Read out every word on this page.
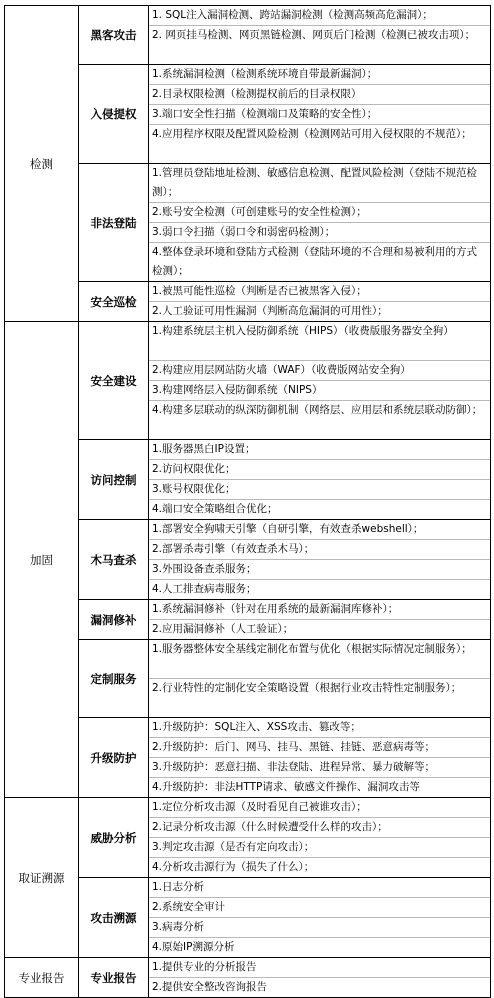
检测	黑客攻击	1. SQL注入漏洞检测、跨站漏洞检测（检测高频高危漏洞）；
2. 网页挂马检测、网页黑链检测、网页后门检测（检测已被攻击项）；

	入侵提权	1.系统漏洞检测（检测系统环境自带最新漏洞）；
2.目录权限检测（检测提权前后的目录权限）
3.端口安全性扫描（检测端口及策略的安全性）；
4.应用程序权限及配置风险检测（检测网站可用入侵权限的不规范）；

	非法登陆	1.管理员登陆地址检测、敏感信息检测、配置风险检测（登陆不规范检测）；
2.账号安全检测（可创建账号的安全性检测）；
3.弱口令扫描（弱口令和弱密码检测）；
4.整体登录环境和登陆方式检测（登陆环境的不合理和易被利用的方式检测）；

	安全巡检	1.被黑可能性巡检（判断是否已被黑客入侵）；
2.人工验证可用性漏洞（判断高危漏洞的可用性）；

加固	安全建设	1.构建系统层主机入侵防御系统（HIPS）（收费版服务器安全狗）
2.构建应用层网站防火墙（WAF）（收费版网站安全狗）
3.构建网络层入侵防御系统（NIPS）
4.构建多层联动的纵深防御机制（网络层、应用层和系统层联动防御）；

	访问控制	1.服务器黑白IP设置；
2.访问权限优化；
3.账号权限优化；
4.端口安全策略组合优化；

	木马查杀	1.部署安全狗啸天引擎（自研引擎，有效查杀webshell）；
2.部署杀毒引擎（有效查杀木马）；
3.外围设备查杀服务；
4.人工排查病毒服务；

	漏洞修补	1.系统漏洞修补（针对在用系统的最新漏洞库修补）；
2.应用漏洞修补（人工验证）；

	定制服务	1.服务器整体安全基线定制化布置与优化（根据实际情况定制服务）；
2.行业特性的定制化安全策略设置（根据行业攻击特性定制服务）；

	升级防护	1.升级防护：SQL注入、XSS攻击、篡改等；
2.升级防护：后门、网马、挂马、黑链、挂链、恶意病毒等；
3.升级防护：恶意扫描、非法登陆、进程异常、暴力破解等；
4.升级防护：非法HTTP请求、敏感文件操作、漏洞攻击等

取证溯源	威胁分析	1.定位分析攻击源（及时看见自己被谁攻击）；
2.记录分析攻击源（什么时候遭受什么样的攻击）；
3.判定攻击源（是否有定向攻击）；
4.分析攻击源行为（损失了什么）；

	攻击溯源	1.日志分析
2.系统安全审计
3.病毒分析
4.原始IP溯源分析

专业报告	专业报告	1.提供专业的分析报告
2.提供安全整改咨询报告
